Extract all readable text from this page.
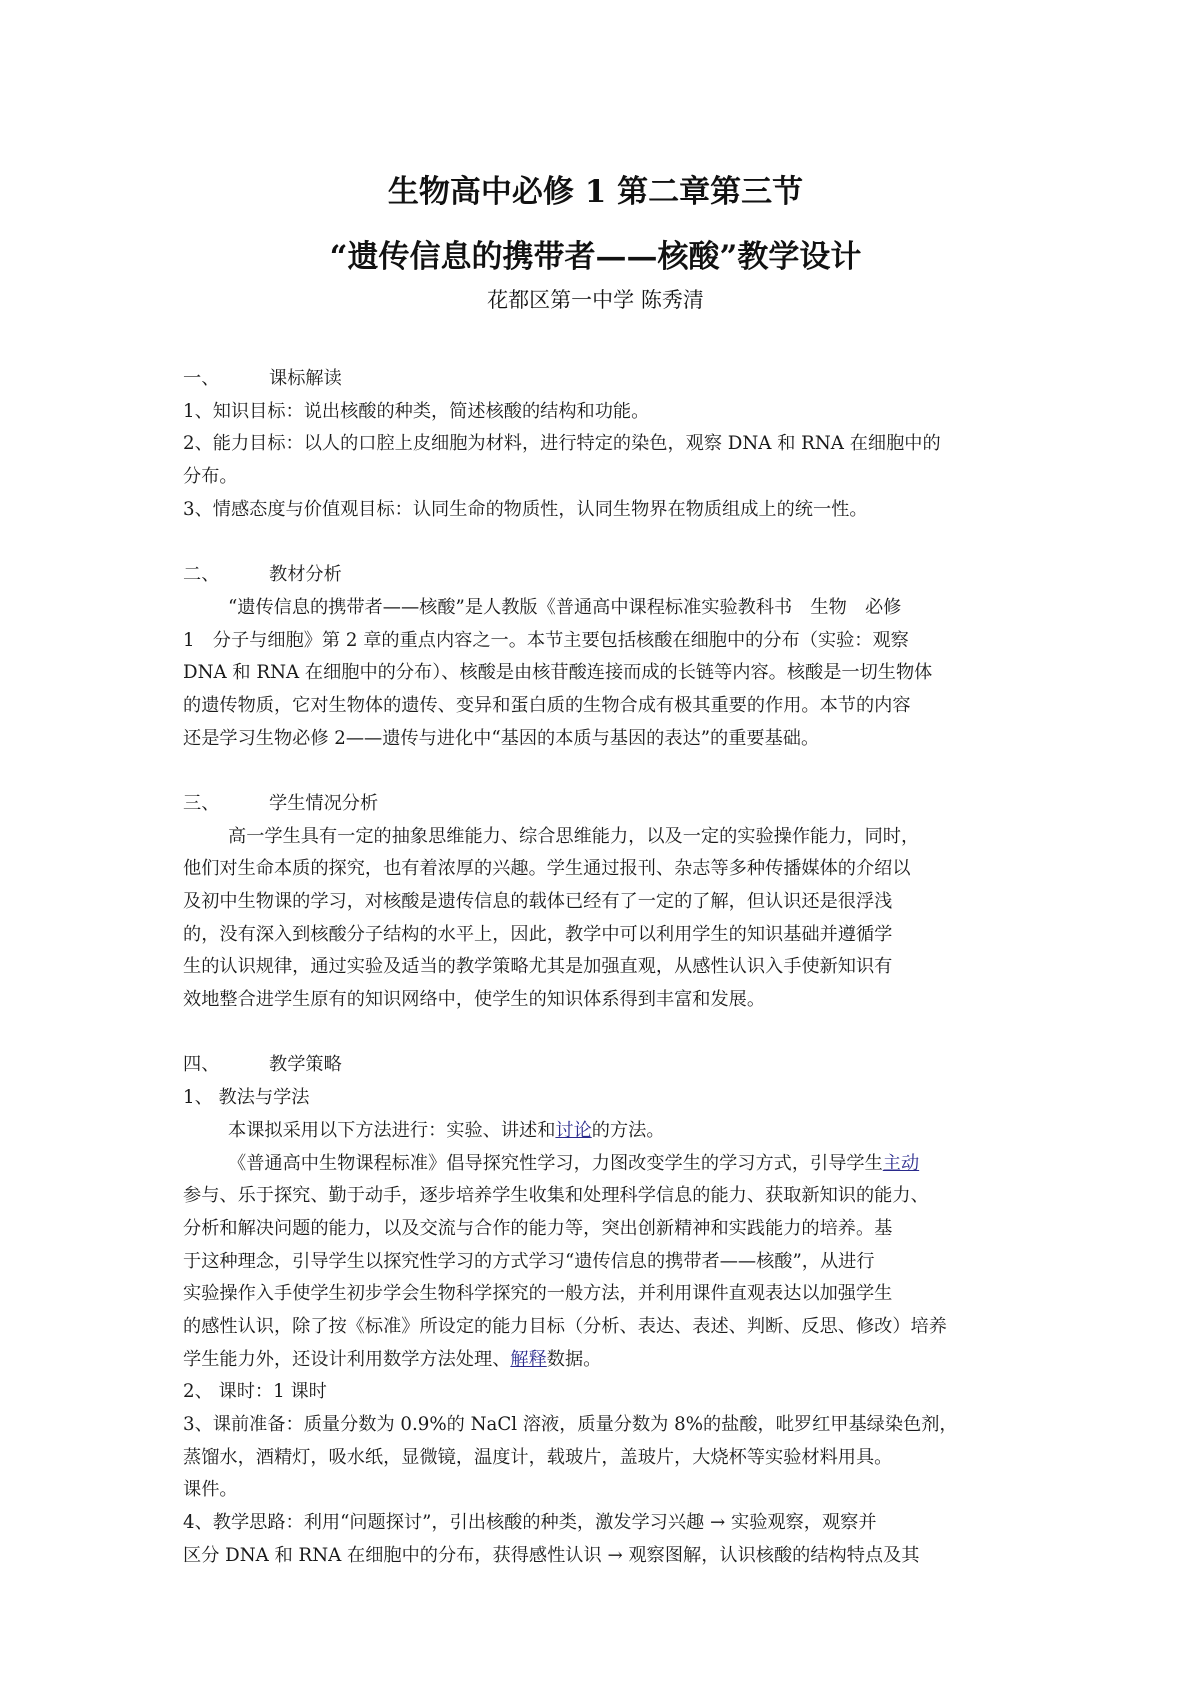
生物高中必修 1 第二章第三节
“遗传信息的携带者——核酸”教学设计
花都区第一中学 陈秀清
一、	课标解读
1、知识目标：说出核酸的种类，简述核酸的结构和功能。
2、能力目标：以人的口腔上皮细胞为材料，进行特定的染色，观察 DNA 和 RNA 在细胞中的
分布。
3、情感态度与价值观目标：认同生命的物质性，认同生物界在物质组成上的统一性。
二、	教材分析
“遗传信息的携带者——核酸”是人教版《普通高中课程标准实验教科书　生物　必修
1　分子与细胞》第 2 章的重点内容之一。本节主要包括核酸在细胞中的分布（实验：观察
DNA 和 RNA 在细胞中的分布）、核酸是由核苷酸连接而成的长链等内容。核酸是一切生物体
的遗传物质，它对生物体的遗传、变异和蛋白质的生物合成有极其重要的作用。本节的内容
还是学习生物必修 2——遗传与进化中“基因的本质与基因的表达”的重要基础。
三、	学生情况分析
高一学生具有一定的抽象思维能力、综合思维能力，以及一定的实验操作能力，同时，
他们对生命本质的探究，也有着浓厚的兴趣。学生通过报刊、杂志等多种传播媒体的介绍以
及初中生物课的学习，对核酸是遗传信息的载体已经有了一定的了解，但认识还是很浮浅
的，没有深入到核酸分子结构的水平上，因此，教学中可以利用学生的知识基础并遵循学
生的认识规律，通过实验及适当的教学策略尤其是加强直观，从感性认识入手使新知识有
效地整合进学生原有的知识网络中，使学生的知识体系得到丰富和发展。
四、	教学策略
1、 教法与学法
本课拟采用以下方法进行：实验、讲述和讨论的方法。
《普通高中生物课程标准》倡导探究性学习，力图改变学生的学习方式，引导学生主动
参与、乐于探究、勤于动手，逐步培养学生收集和处理科学信息的能力、获取新知识的能力、
分析和解决问题的能力，以及交流与合作的能力等，突出创新精神和实践能力的培养。基
于这种理念，引导学生以探究性学习的方式学习“遗传信息的携带者——核酸”，从进行
实验操作入手使学生初步学会生物科学探究的一般方法，并利用课件直观表达以加强学生
的感性认识，除了按《标准》所设定的能力目标（分析、表达、表述、判断、反思、修改）培养
学生能力外，还设计利用数学方法处理、解释数据。
2、 课时：1 课时
3、课前准备：质量分数为 0.9%的 NaCl 溶液，质量分数为 8%的盐酸，吡罗红甲基绿染色剂，
蒸馏水，酒精灯，吸水纸，显微镜，温度计，载玻片，盖玻片，大烧杯等实验材料用具。
课件。
4、教学思路：利用“问题探讨”，引出核酸的种类，激发学习兴趣 → 实验观察，观察并
区分 DNA 和 RNA 在细胞中的分布，获得感性认识 → 观察图解，认识核酸的结构特点及其
